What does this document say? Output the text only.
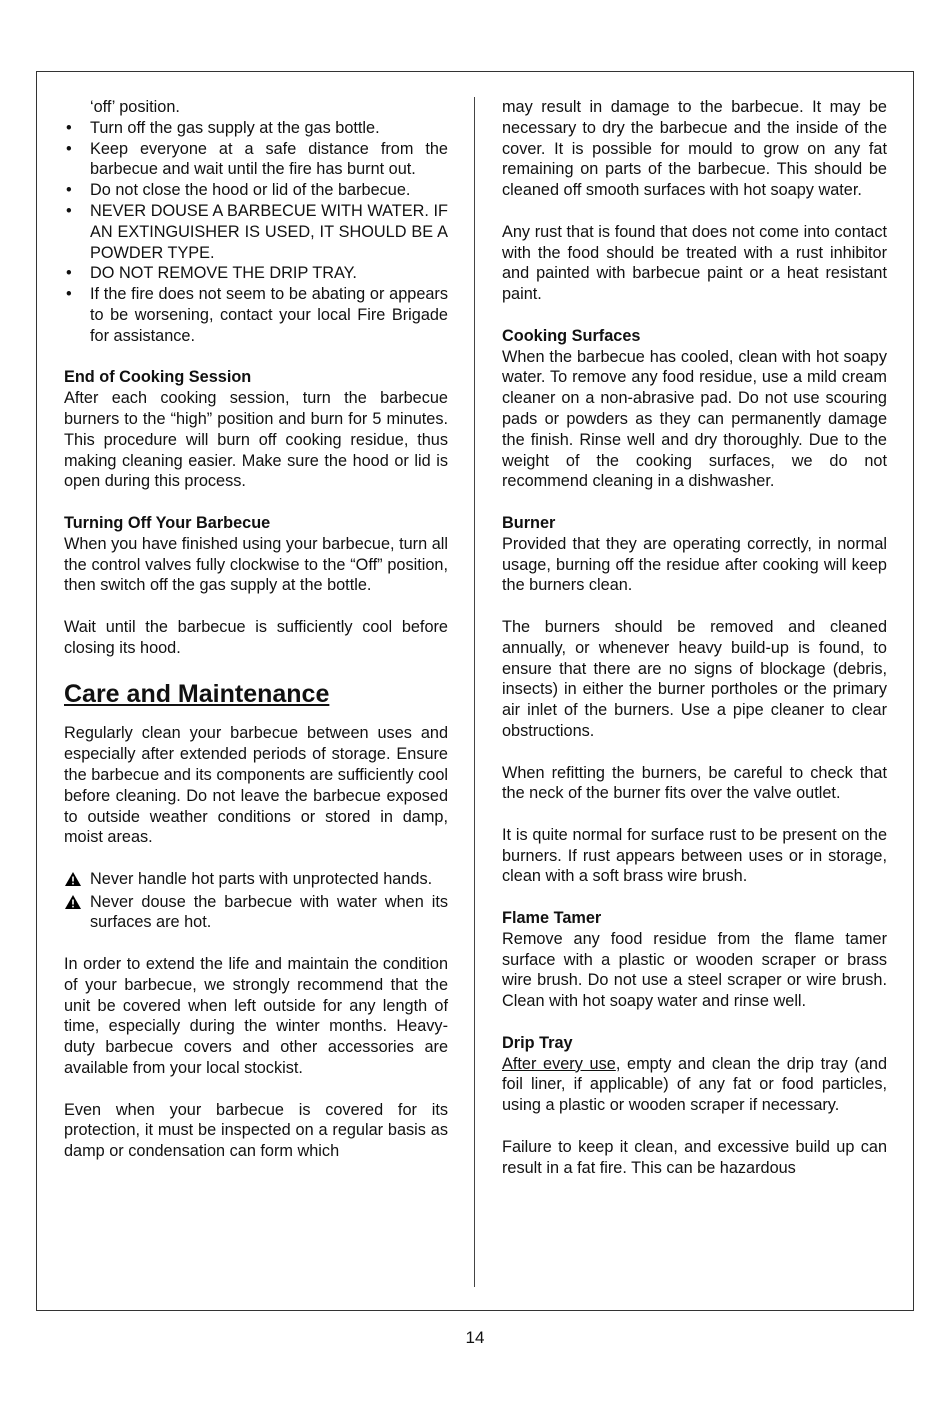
‘off’ position.

• Turn off the gas supply at the gas bottle.
• Keep everyone at a safe distance from the barbecue and wait until the fire has burnt out.
• Do not close the hood or lid of the barbecue.
• NEVER DOUSE A BARBECUE WITH WATER. IF AN EXTINGUISHER IS USED, IT SHOULD BE A POWDER TYPE.
• DO NOT REMOVE THE DRIP TRAY.
• If the fire does not seem to be abating or appears to be worsening, contact your local Fire Brigade for assistance.

End of Cooking Session
After each cooking session, turn the barbecue burners to the “high” position and burn for 5 minutes. This procedure will burn off cooking residue, thus making cleaning easier. Make sure the hood or lid is open during this process.

Turning Off Your Barbecue
When you have finished using your barbecue, turn all the control valves fully clockwise to the “Off” position, then switch off the gas supply at the bottle.

Wait until the barbecue is sufficiently cool before closing its hood.

Care and Maintenance

Regularly clean your barbecue between uses and especially after extended periods of storage. Ensure the barbecue and its components are sufficiently cool before cleaning. Do not leave the barbecue exposed to outside weather conditions or stored in damp, moist areas.

Never handle hot parts with unprotected hands.
Never douse the barbecue with water when its surfaces are hot.

In order to extend the life and maintain the condition of your barbecue, we strongly recommend that the unit be covered when left outside for any length of time, especially during the winter months. Heavy-duty barbecue covers and other accessories are available from your local stockist.

Even when your barbecue is covered for its protection, it must be inspected on a regular basis as damp or condensation can form which

may result in damage to the barbecue. It may be necessary to dry the barbecue and the inside of the cover. It is possible for mould to grow on any fat remaining on parts of the barbecue. This should be cleaned off smooth surfaces with hot soapy water.

Any rust that is found that does not come into contact with the food should be treated with a rust inhibitor and painted with barbecue paint or a heat resistant paint.

Cooking Surfaces
When the barbecue has cooled, clean with hot soapy water. To remove any food residue, use a mild cream cleaner on a non-abrasive pad. Do not use scouring pads or powders as they can permanently damage the finish. Rinse well and dry thoroughly. Due to the weight of the cooking surfaces, we do not recommend cleaning in a dishwasher.

Burner
Provided that they are operating correctly, in normal usage, burning off the residue after cooking will keep the burners clean.

The burners should be removed and cleaned annually, or whenever heavy build-up is found, to ensure that there are no signs of blockage (debris, insects) in either the burner portholes or the primary air inlet of the burners. Use a pipe cleaner to clear obstructions.

When refitting the burners, be careful to check that the neck of the burner fits over the valve outlet.

It is quite normal for surface rust to be present on the burners. If rust appears between uses or in storage, clean with a soft brass wire brush.

Flame Tamer
Remove any food residue from the flame tamer surface with a plastic or wooden scraper or brass wire brush. Do not use a steel scraper or wire brush. Clean with hot soapy water and rinse well.

Drip Tray
After every use, empty and clean the drip tray (and foil liner, if applicable) of any fat or food particles, using a plastic or wooden scraper if necessary.

Failure to keep it clean, and excessive build up can result in a fat fire. This can be hazardous

14
